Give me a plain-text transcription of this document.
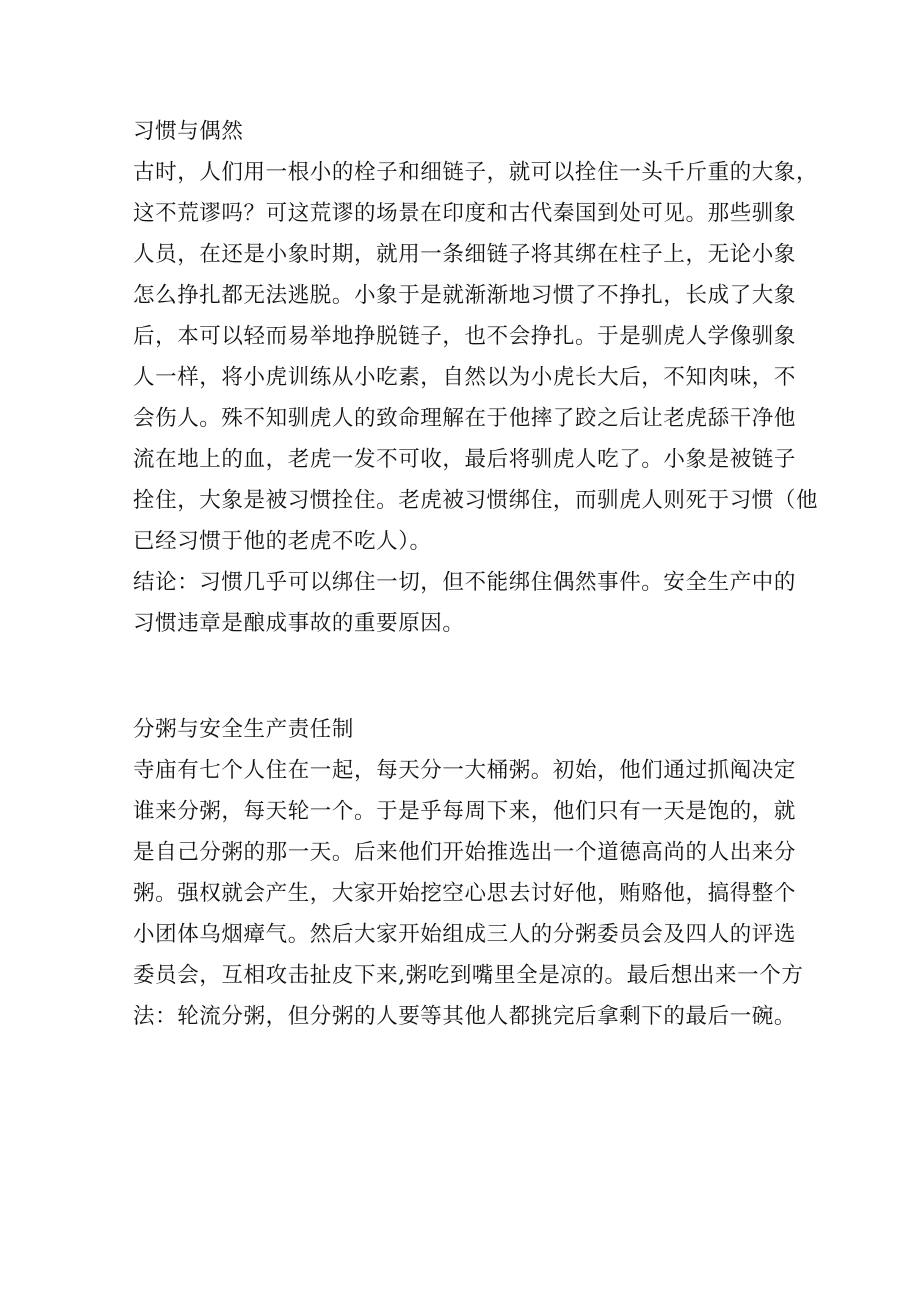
习惯与偶然
古时，人们用一根小的栓子和细链子，就可以拴住一头千斤重的大象，
这不荒谬吗？可这荒谬的场景在印度和古代秦国到处可见。那些驯象
人员，在还是小象时期，就用一条细链子将其绑在柱子上，无论小象
怎么挣扎都无法逃脱。小象于是就渐渐地习惯了不挣扎，长成了大象
后，本可以轻而易举地挣脱链子，也不会挣扎。于是驯虎人学像驯象
人一样，将小虎训练从小吃素，自然以为小虎长大后，不知肉味，不
会伤人。殊不知驯虎人的致命理解在于他摔了跤之后让老虎舔干净他
流在地上的血，老虎一发不可收，最后将驯虎人吃了。小象是被链子
拴住，大象是被习惯拴住。老虎被习惯绑住，而驯虎人则死于习惯（他
已经习惯于他的老虎不吃人）。
结论：习惯几乎可以绑住一切，但不能绑住偶然事件。安全生产中的
习惯违章是酿成事故的重要原因。
分粥与安全生产责任制
寺庙有七个人住在一起，每天分一大桶粥。初始，他们通过抓阄决定
谁来分粥，每天轮一个。于是乎每周下来，他们只有一天是饱的，就
是自己分粥的那一天。后来他们开始推选出一个道德高尚的人出来分
粥。强权就会产生，大家开始挖空心思去讨好他，贿赂他，搞得整个
小团体乌烟瘴气。然后大家开始组成三人的分粥委员会及四人的评选
委员会，互相攻击扯皮下来,粥吃到嘴里全是凉的。最后想出来一个方
法：轮流分粥，但分粥的人要等其他人都挑完后拿剩下的最后一碗。
